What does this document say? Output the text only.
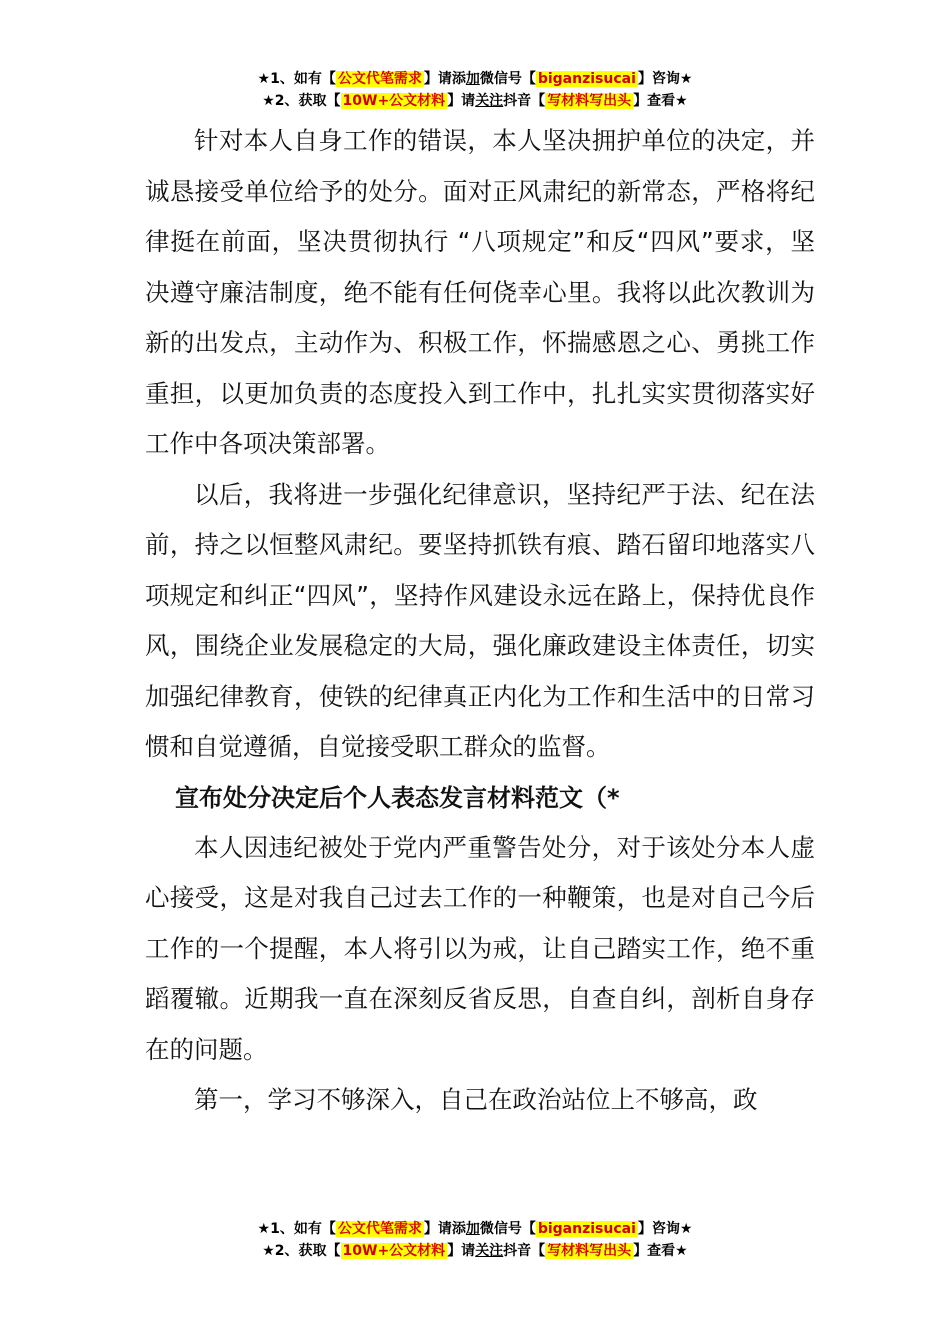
★1、如有【 公文代笔需求 】请添加微信号【 biganzisucai 】咨询★
★2、获取【 10W+公文材料 】请关注抖音【 写材料写出头 】查看★

针对本人自身工作的错误，本人坚决拥护单位的决定，并诚恳接受单位给予的处分。面对正风肃纪的新常态，严格将纪律挺在前面，坚决贯彻执行 “八项规定”和反“四风”要求，坚决遵守廉洁制度，绝不能有任何侥幸心里。我将以此次教训为新的出发点，主动作为、积极工作，怀揣感恩之心、勇挑工作重担，以更加负责的态度投入到工作中，扎扎实实贯彻落实好工作中各项决策部署。

以后，我将进一步强化纪律意识，坚持纪严于法、纪在法前，持之以恒整风肃纪。要坚持抓铁有痕、踏石留印地落实八项规定和纠正“四风”，坚持作风建设永远在路上，保持优良作风，围绕企业发展稳定的大局，强化廉政建设主体责任，切实加强纪律教育，使铁的纪律真正内化为工作和生活中的日常习惯和自觉遵循，自觉接受职工群众的监督。

宣布处分决定后个人表态发言材料范文（*

本人因违纪被处于党内严重警告处分，对于该处分本人虚心接受，这是对我自己过去工作的一种鞭策，也是对自己今后工作的一个提醒，本人将引以为戒，让自己踏实工作，绝不重蹈覆辙。近期我一直在深刻反省反思，自查自纠，剖析自身存在的问题。

第一，学习不够深入，自己在政治站位上不够高，政

★1、如有【 公文代笔需求 】请添加微信号【 biganzisucai 】咨询★
★2、获取【 10W+公文材料 】请关注抖音【 写材料写出头 】查看★
